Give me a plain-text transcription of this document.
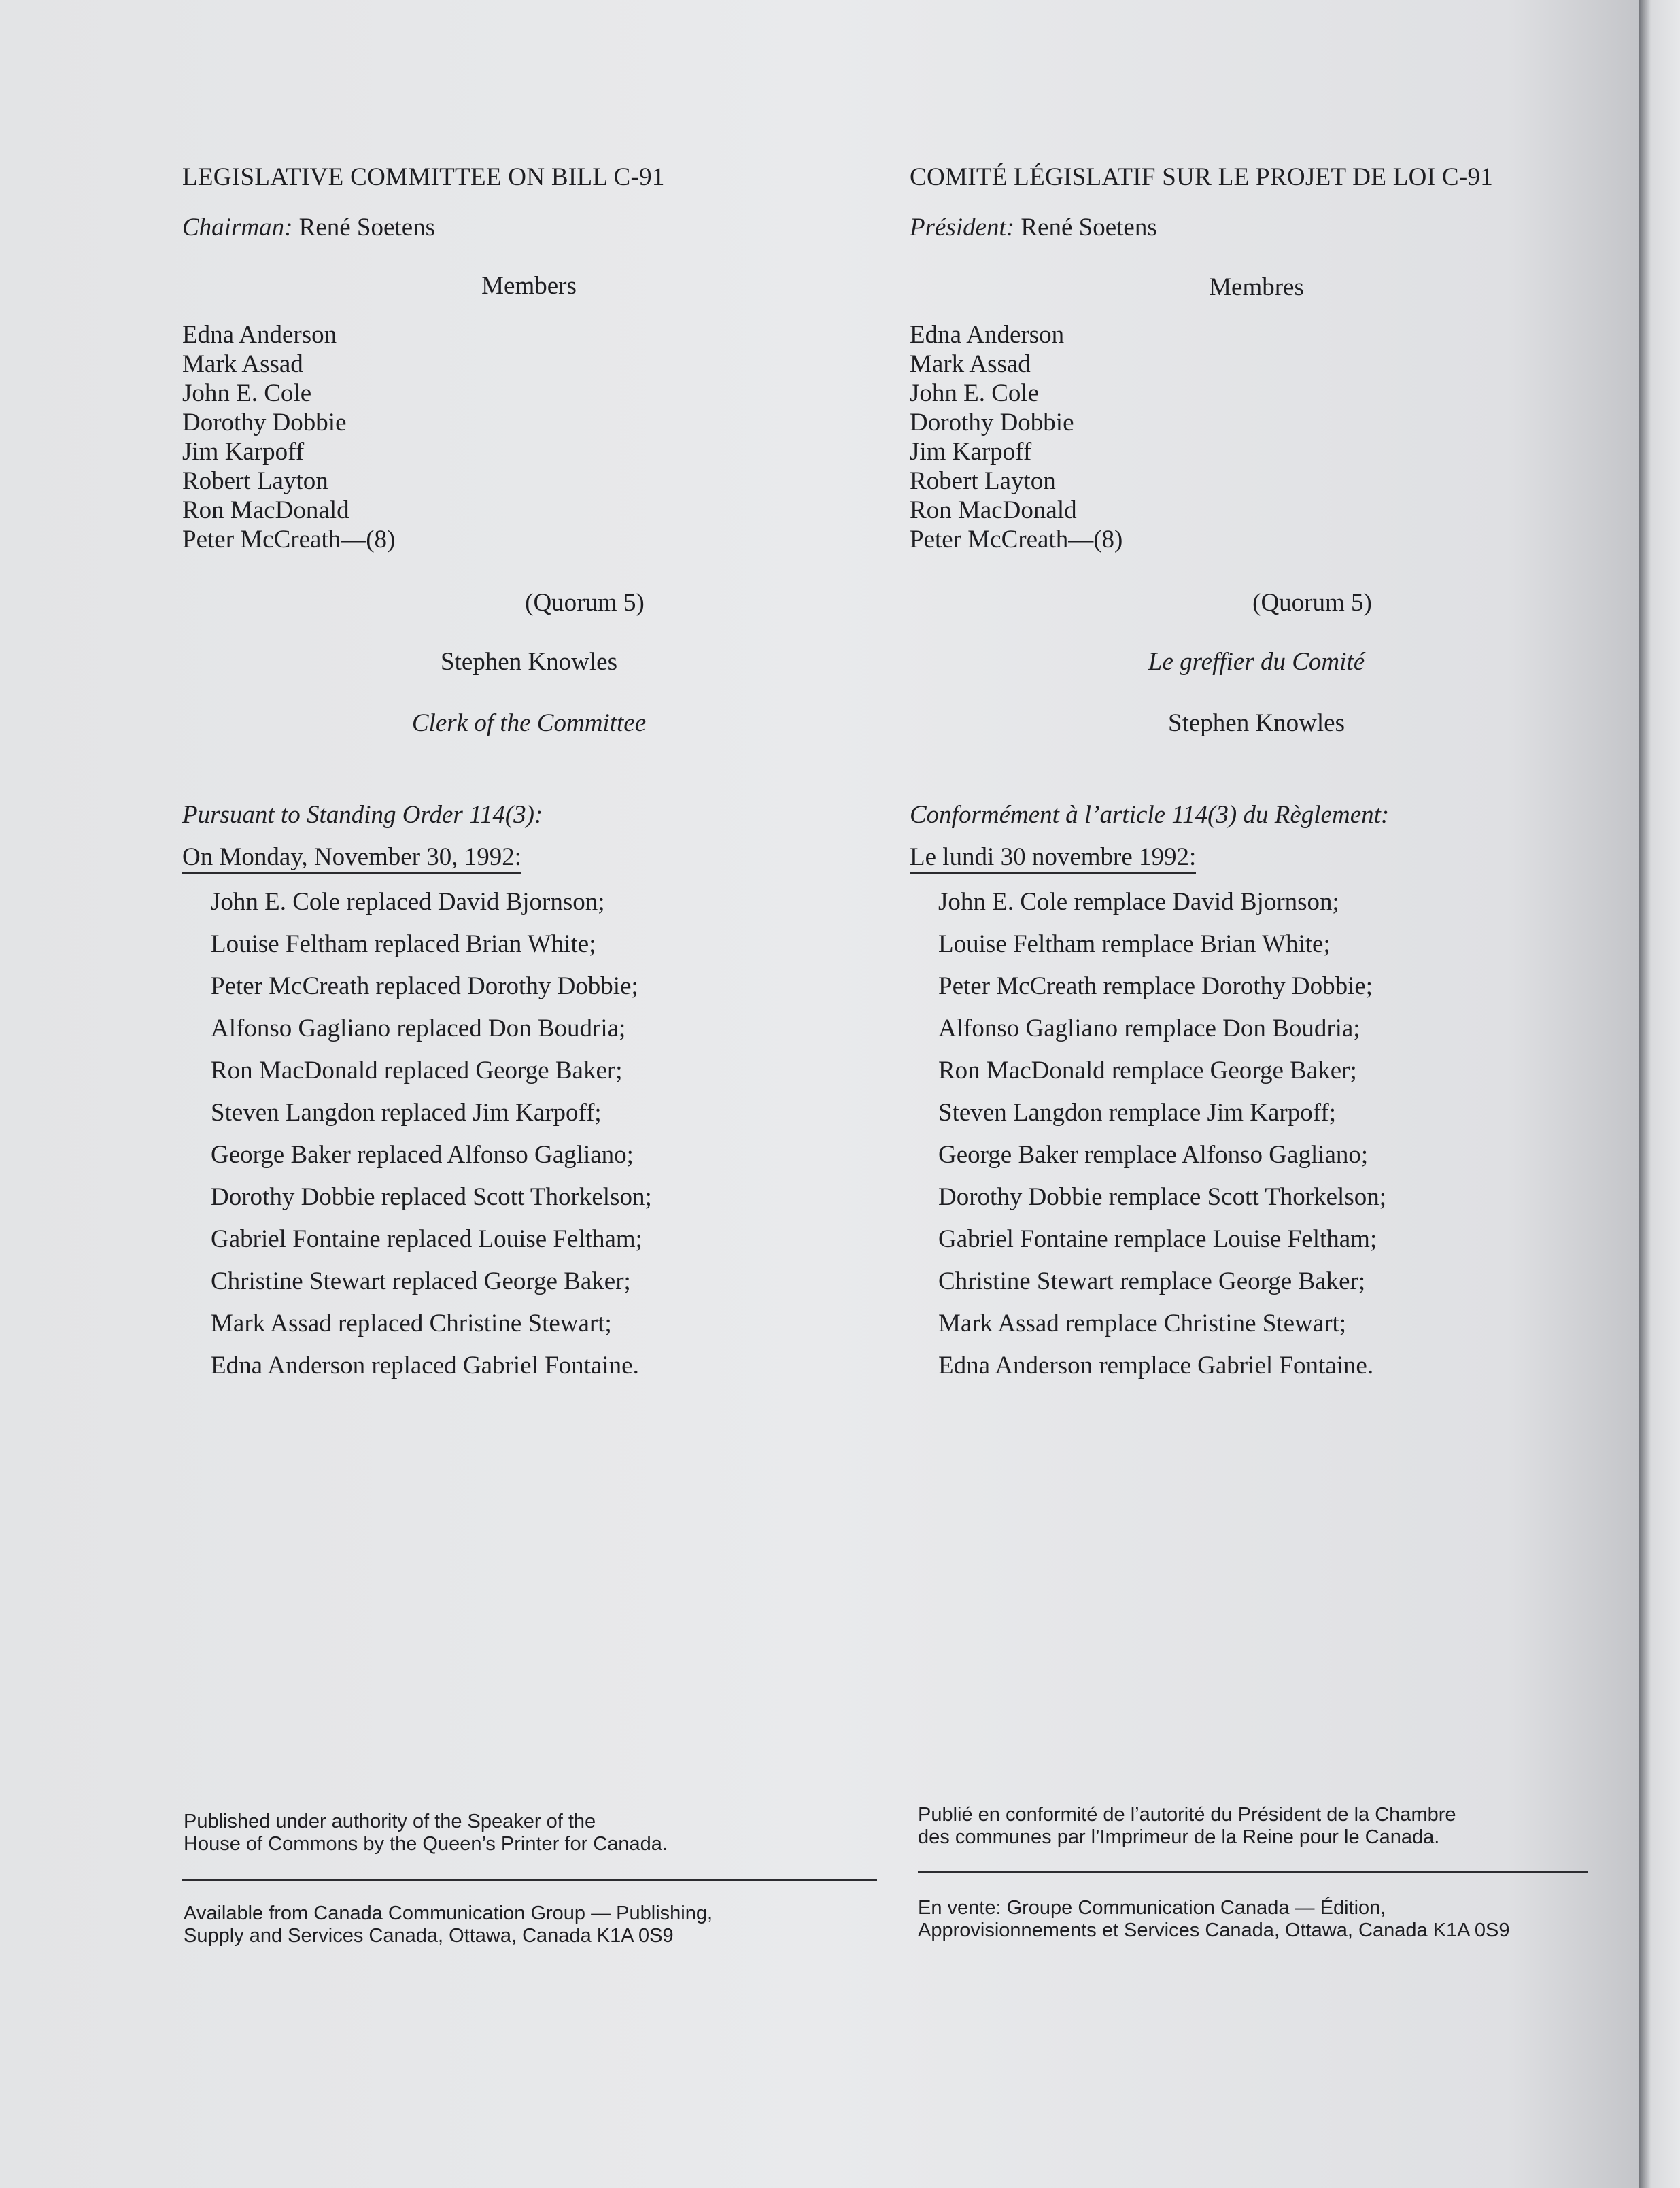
LEGISLATIVE COMMITTEE ON BILL C-91
Chairman: René Soetens
Members
Edna Anderson
Mark Assad
John E. Cole
Dorothy Dobbie
Jim Karpoff
Robert Layton
Ron MacDonald
Peter McCreath—(8)
(Quorum 5)
Stephen Knowles
Clerk of the Committee
Pursuant to Standing Order 114(3):
On Monday, November 30, 1992:
John E. Cole replaced David Bjornson;
Louise Feltham replaced Brian White;
Peter McCreath replaced Dorothy Dobbie;
Alfonso Gagliano replaced Don Boudria;
Ron MacDonald replaced George Baker;
Steven Langdon replaced Jim Karpoff;
George Baker replaced Alfonso Gagliano;
Dorothy Dobbie replaced Scott Thorkelson;
Gabriel Fontaine replaced Louise Feltham;
Christine Stewart replaced George Baker;
Mark Assad replaced Christine Stewart;
Edna Anderson replaced Gabriel Fontaine.
Published under authority of the Speaker of the
House of Commons by the Queen’s Printer for Canada.
Available from Canada Communication Group — Publishing,
Supply and Services Canada, Ottawa, Canada K1A 0S9
COMITÉ LÉGISLATIF SUR LE PROJET DE LOI C-91
Président: René Soetens
Membres
Edna Anderson
Mark Assad
John E. Cole
Dorothy Dobbie
Jim Karpoff
Robert Layton
Ron MacDonald
Peter McCreath—(8)
(Quorum 5)
Le greffier du Comité
Stephen Knowles
Conformément à l’article 114(3) du Règlement:
Le lundi 30 novembre 1992:
John E. Cole remplace David Bjornson;
Louise Feltham remplace Brian White;
Peter McCreath remplace Dorothy Dobbie;
Alfonso Gagliano remplace Don Boudria;
Ron MacDonald remplace George Baker;
Steven Langdon remplace Jim Karpoff;
George Baker remplace Alfonso Gagliano;
Dorothy Dobbie remplace Scott Thorkelson;
Gabriel Fontaine remplace Louise Feltham;
Christine Stewart remplace George Baker;
Mark Assad remplace Christine Stewart;
Edna Anderson remplace Gabriel Fontaine.
Publié en conformité de l’autorité du Président de la Chambre
des communes par l’Imprimeur de la Reine pour le Canada.
En vente: Groupe Communication Canada — Édition,
Approvisionnements et Services Canada, Ottawa, Canada K1A 0S9
